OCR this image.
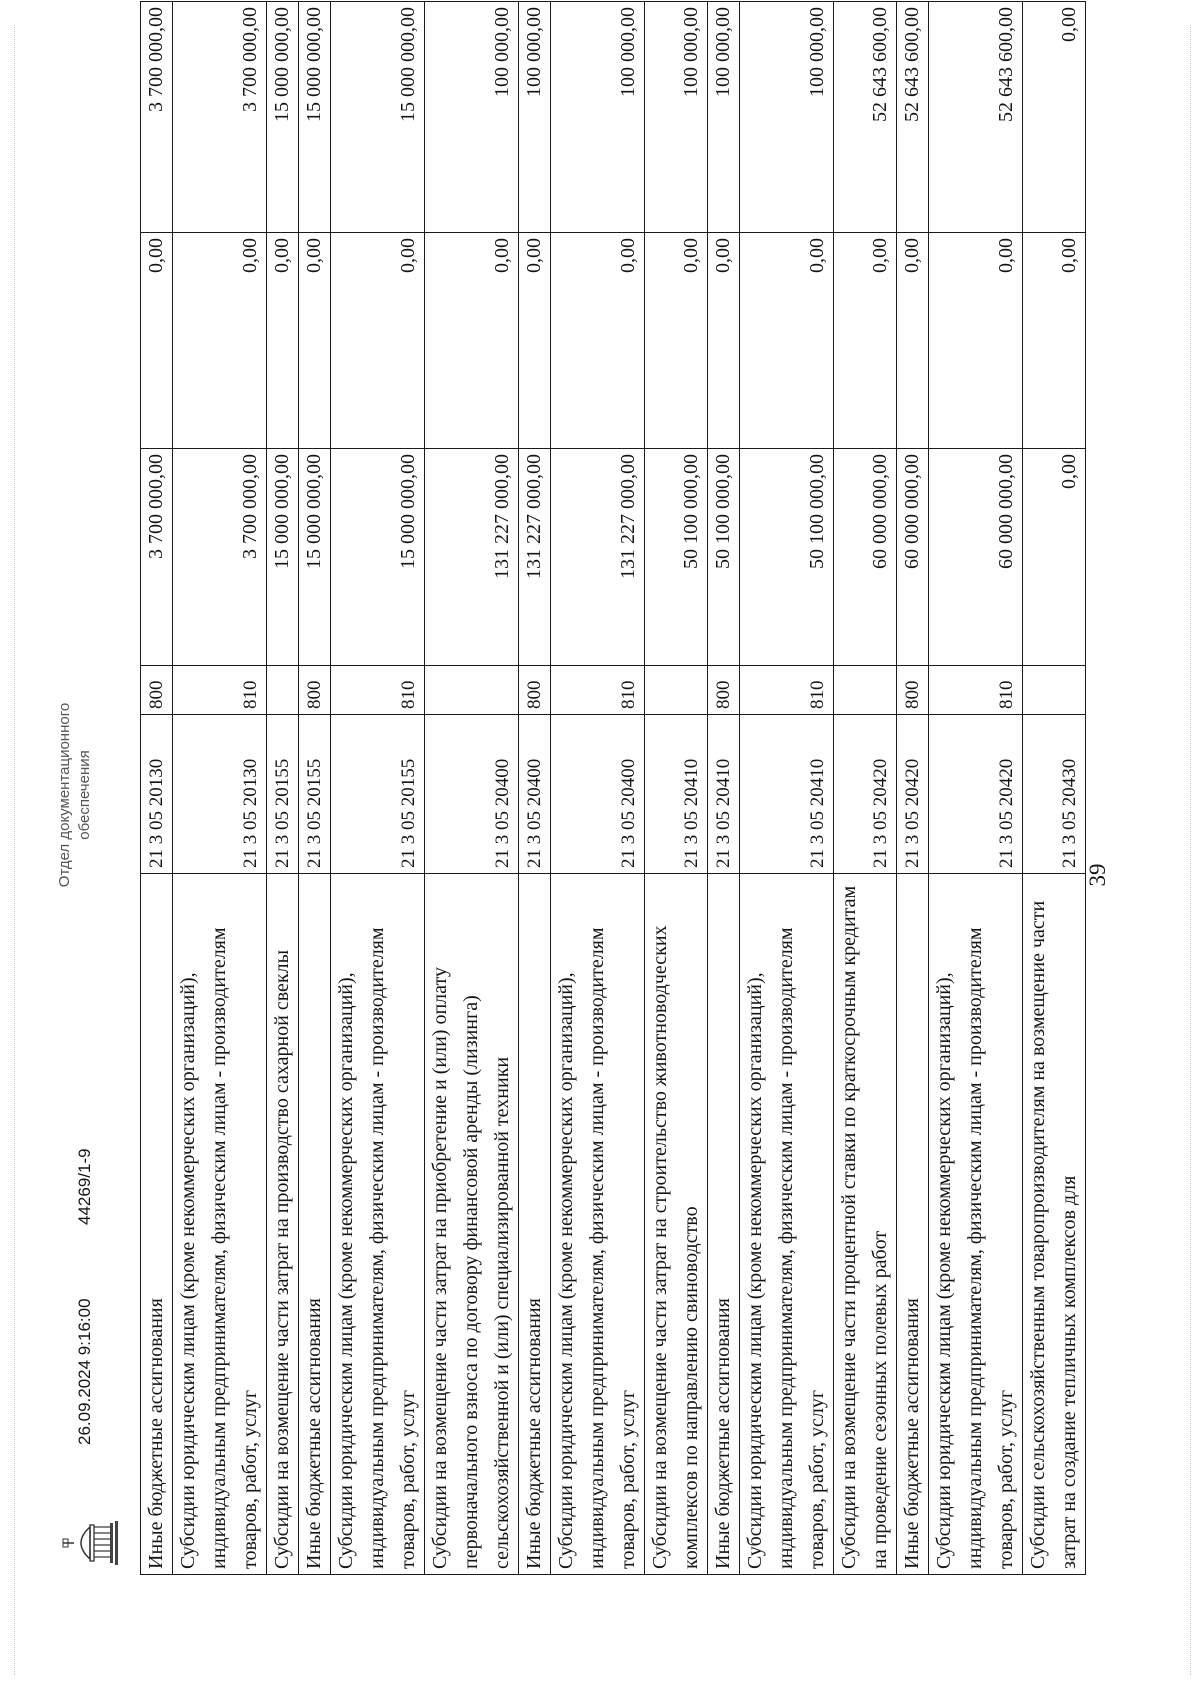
39
Иные бюджетные ассигнования	21 3 05 20130	800	3 700 000,00	0,00	3 700 000,00
Субсидии юридическим лицам (кроме некоммерческих организаций), индивидуальным предпринимателям, физическим лицам - производителям товаров, работ, услуг	21 3 05 20130	810	3 700 000,00	0,00	3 700 000,00
Субсидии на возмещение части затрат на производство сахарной свеклы	21 3 05 20155		15 000 000,00	0,00	15 000 000,00
Иные бюджетные ассигнования	21 3 05 20155	800	15 000 000,00	0,00	15 000 000,00
Субсидии юридическим лицам (кроме некоммерческих организаций), индивидуальным предпринимателям, физическим лицам - производителям товаров, работ, услуг	21 3 05 20155	810	15 000 000,00	0,00	15 000 000,00
Субсидии на возмещение части затрат на приобретение и (или) оплату первоначального взноса по договору финансовой аренды (лизинга) сельскохозяйственной и (или) специализированной техники	21 3 05 20400		131 227 000,00	0,00	100 000,00
Иные бюджетные ассигнования	21 3 05 20400	800	131 227 000,00	0,00	100 000,00
Субсидии юридическим лицам (кроме некоммерческих организаций), индивидуальным предпринимателям, физическим лицам - производителям товаров, работ, услуг	21 3 05 20400	810	131 227 000,00	0,00	100 000,00
Субсидии на возмещение части затрат на строительство животноводческих комплексов по направлению свиноводство	21 3 05 20410		50 100 000,00	0,00	100 000,00
Иные бюджетные ассигнования	21 3 05 20410	800	50 100 000,00	0,00	100 000,00
Субсидии юридическим лицам (кроме некоммерческих организаций), индивидуальным предпринимателям, физическим лицам - производителям товаров, работ, услуг	21 3 05 20410	810	50 100 000,00	0,00	100 000,00
Субсидии на возмещение части процентной ставки по краткосрочным кредитам на проведение сезонных полевых работ	21 3 05 20420		60 000 000,00	0,00	52 643 600,00
Иные бюджетные ассигнования	21 3 05 20420	800	60 000 000,00	0,00	52 643 600,00
Субсидии юридическим лицам (кроме некоммерческих организаций), индивидуальным предпринимателям, физическим лицам - производителям товаров, работ, услуг	21 3 05 20420	810	60 000 000,00	0,00	52 643 600,00
Субсидии сельскохозяйственным товаропроизводителям на возмещение части затрат на создание тепличных комплексов для	21 3 05 20430		0,00	0,00	0,00
26.09.2024 9:16:00
44269/1-9
Отдел документационного обеспечения
